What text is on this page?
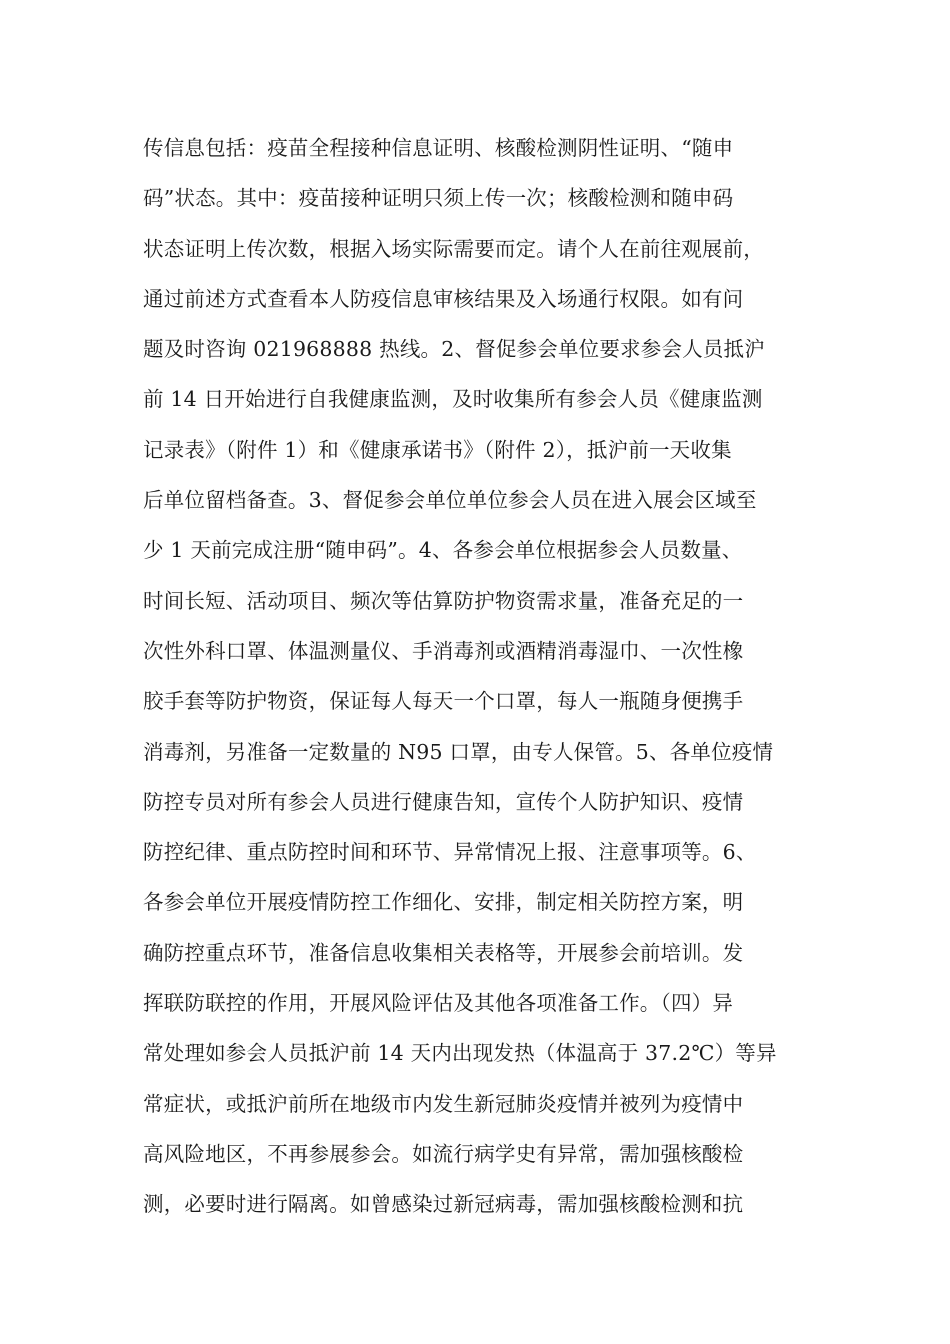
传信息包括：疫苗全程接种信息证明、核酸检测阴性证明、“随申
码”状态。其中：疫苗接种证明只须上传一次；核酸检测和随申码
状态证明上传次数，根据入场实际需要而定。请个人在前往观展前，
通过前述方式查看本人防疫信息审核结果及入场通行权限。如有问
题及时咨询 021968888 热线。2、督促参会单位要求参会人员抵沪
前 14 日开始进行自我健康监测，及时收集所有参会人员《健康监测
记录表》（附件 1）和《健康承诺书》（附件 2），抵沪前一天收集
后单位留档备查。3、督促参会单位单位参会人员在进入展会区域至
少 1 天前完成注册“随申码”。4、各参会单位根据参会人员数量、
时间长短、活动项目、频次等估算防护物资需求量，准备充足的一
次性外科口罩、体温测量仪、手消毒剂或酒精消毒湿巾、一次性橡
胶手套等防护物资，保证每人每天一个口罩，每人一瓶随身便携手
消毒剂，另准备一定数量的 N95 口罩，由专人保管。5、各单位疫情
防控专员对所有参会人员进行健康告知，宣传个人防护知识、疫情
防控纪律、重点防控时间和环节、异常情况上报、注意事项等。6、
各参会单位开展疫情防控工作细化、安排，制定相关防控方案，明
确防控重点环节，准备信息收集相关表格等，开展参会前培训。发
挥联防联控的作用，开展风险评估及其他各项准备工作。（四）异
常处理如参会人员抵沪前 14 天内出现发热（体温高于 37.2℃）等异
常症状，或抵沪前所在地级市内发生新冠肺炎疫情并被列为疫情中
高风险地区，不再参展参会。如流行病学史有异常，需加强核酸检
测，必要时进行隔离。如曾感染过新冠病毒，需加强核酸检测和抗
